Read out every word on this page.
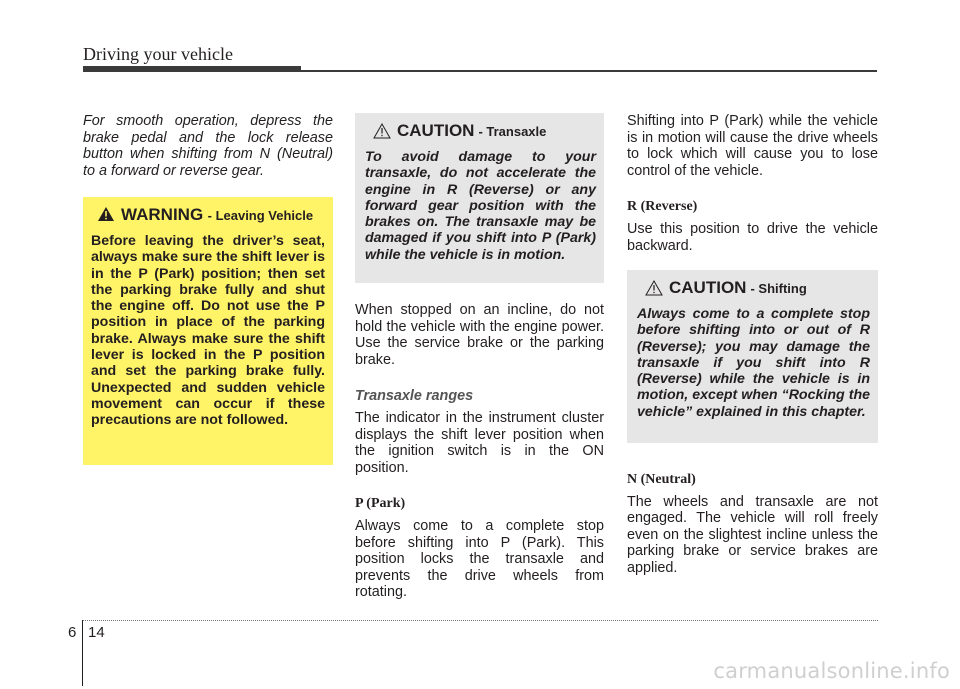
Driving your vehicle

For smooth operation, depress the brake pedal and the lock release button when shifting from N (Neutral) to a forward or reverse gear.

WARNING - Leaving Vehicle

Before leaving the driver’s seat, always make sure the shift lever is in the P (Park) position; then set the parking brake fully and shut the engine off. Do not use the P position in place of the parking brake. Always make sure the shift lever is locked in the P position and set the parking brake fully. Unexpected and sudden vehicle movement can occur if these precautions are not followed.

CAUTION - Transaxle

To avoid damage to your transaxle, do not accelerate the engine in R (Reverse) or any forward gear position with the brakes on. The transaxle may be damaged if you shift into P (Park) while the vehicle is in motion.

When stopped on an incline, do not hold the vehicle with the engine power. Use the service brake or the parking brake.

Transaxle ranges

The indicator in the instrument cluster displays the shift lever position when the ignition switch is in the ON position.

P (Park)

Always come to a complete stop before shifting into P (Park). This position locks the transaxle and prevents the drive wheels from rotating.

Shifting into P (Park) while the vehicle is in motion will cause the drive wheels to lock which will cause you to lose control of the vehicle.

R (Reverse)

Use this position to drive the vehicle backward.

CAUTION - Shifting

Always come to a complete stop before shifting into or out of R (Reverse); you may damage the transaxle if you shift into R (Reverse) while the vehicle is in motion, except when “Rocking the vehicle” explained in this chapter.

N (Neutral)

The wheels and transaxle are not engaged. The vehicle will roll freely even on the slightest incline unless the parking brake or service brakes are applied.

6 14
carmanualsonline.info
